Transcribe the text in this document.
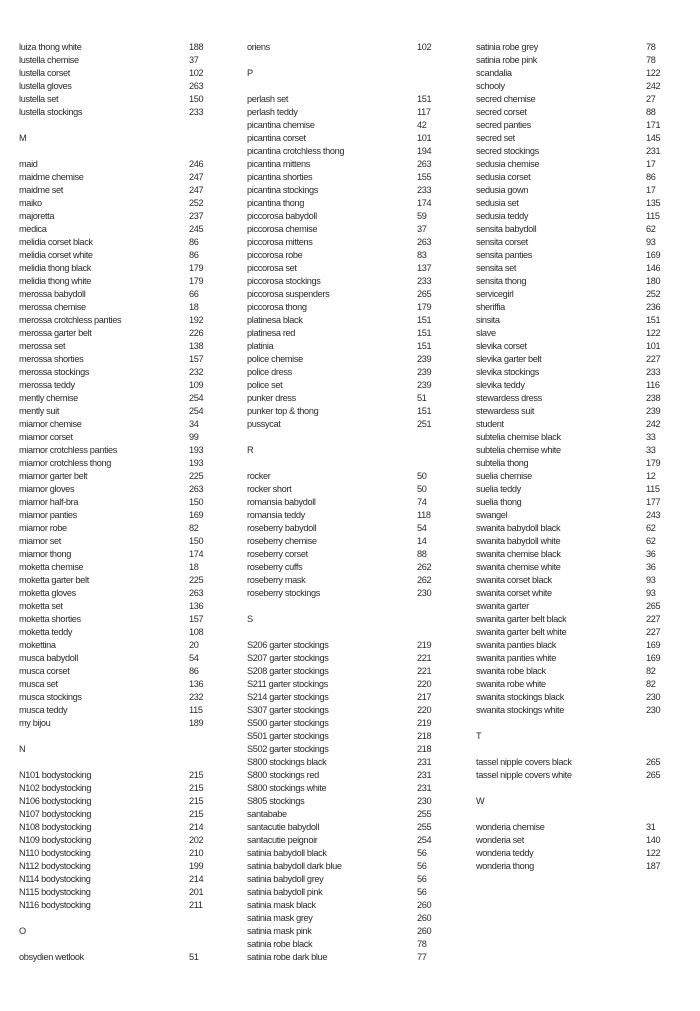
luiza thong white	188
lustella chemise	37
lustella corset	102
lustella gloves	263
lustella set	150
lustella stockings	233
M
maid	246
maidme chemise	247
maidme set	247
maiko	252
majoretta	237
medica	245
melidia corset black	86
melidia corset white	86
melidia thong black	179
melidia thong white	179
merossa babydoll	66
merossa chemise	18
merossa crotchless panties	192
merossa garter belt	226
merossa set	138
merossa shorties	157
merossa stockings	232
merossa teddy	109
mently chemise	254
mently suit	254
miamor chemise	34
miamor corset	99
miamor crotchless panties	193
miamor crotchless thong	193
miamor garter belt	225
miamor gloves	263
miamor half-bra	150
miamor panties	169
miamor robe	82
miamor set	150
miamor thong	174
moketta chemise	18
moketta garter belt	225
moketta gloves	263
moketta set	136
moketta shorties	157
moketta teddy	108
mokettina	20
musca babydoll	54
musca corset	86
musca set	136
musca stockings	232
musca teddy	115
my bijou	189
N
N101 bodystocking	215
N102 bodystocking	215
N106 bodystocking	215
N107 bodystocking	215
N108 bodystocking	214
N109 bodystocking	202
N110 bodystocking	210
N112 bodystocking	199
N114 bodystocking	214
N115 bodystocking	201
N116 bodystocking	211
O
obsydien wetlook	51
oriens	102
P
perlash set	151
perlash teddy	117
picantina chemise	42
picantina corset	101
picantina crotchless thong	194
picantina mittens	263
picantina shorties	155
picantina stockings	233
picantina thong	174
piccorosa babydoll	59
piccorosa chemise	37
piccorosa mittens	263
piccorosa robe	83
piccorosa set	137
piccorosa stockings	233
piccorosa suspenders	265
piccorosa thong	179
platinesa black	151
platinesa red	151
platinia	151
police chemise	239
police dress	239
police set	239
punker dress	51
punker top & thong	151
pussycat	251
R
rocker	50
rocker short	50
romansia babydoll	74
romansia teddy	118
roseberry babydoll	54
roseberry chemise	14
roseberry corset	88
roseberry cuffs	262
roseberry mask	262
roseberry stockings	230
S
S206 garter stockings	219
S207 garter stockings	221
S208 garter stockings	221
S211 garter stockings	220
S214 garter stockings	217
S307 garter stockings	220
S500 garter stockings	219
S501 garter stockings	218
S502 garter stockings	218
S800 stockings black	231
S800 stockings red	231
S800 stockings white	231
S805 stockings	230
santababe	255
santacutie babydoll	255
santacutie peignoir	254
satinia babydoll black	56
satinia babydoll dark blue	56
satinia babydoll grey	56
satinia babydoll pink	56
satinia mask black	260
satinia mask grey	260
satinia mask pink	260
satinia robe black	78
satinia robe dark blue	77
satinia robe grey	78
satinia robe pink	78
scandalia	122
schooly	242
secred chemise	27
secred corset	88
secred panties	171
secred set	145
secred stockings	231
sedusia chemise	17
sedusia corset	86
sedusia gown	17
sedusia set	135
sedusia teddy	115
sensita babydoll	62
sensita corset	93
sensita panties	169
sensita set	146
sensita thong	180
servicegirl	252
sheriffia	236
sinsita	151
slave	122
slevika corset	101
slevika garter belt	227
slevika stockings	233
slevika teddy	116
stewardess dress	238
stewardess suit	239
student	242
subtelia chemise black	33
subtelia chemise white	33
subtelia thong	179
suelia chemise	12
suelia teddy	115
suelia thong	177
swangel	243
swanita babydoll black	62
swanita babydoll white	62
swanita chemise black	36
swanita chemise white	36
swanita corset black	93
swanita corset white	93
swanita garter	265
swanita garter belt black	227
swanita garter belt white	227
swanita panties black	169
swanita panties white	169
swanita robe black	82
swanita robe white	82
swanita stockings black	230
swanita stockings white	230
T
tassel nipple covers black	265
tassel nipple covers white	265
W
wonderia chemise	31
wonderia set	140
wonderia teddy	122
wonderia thong	187
